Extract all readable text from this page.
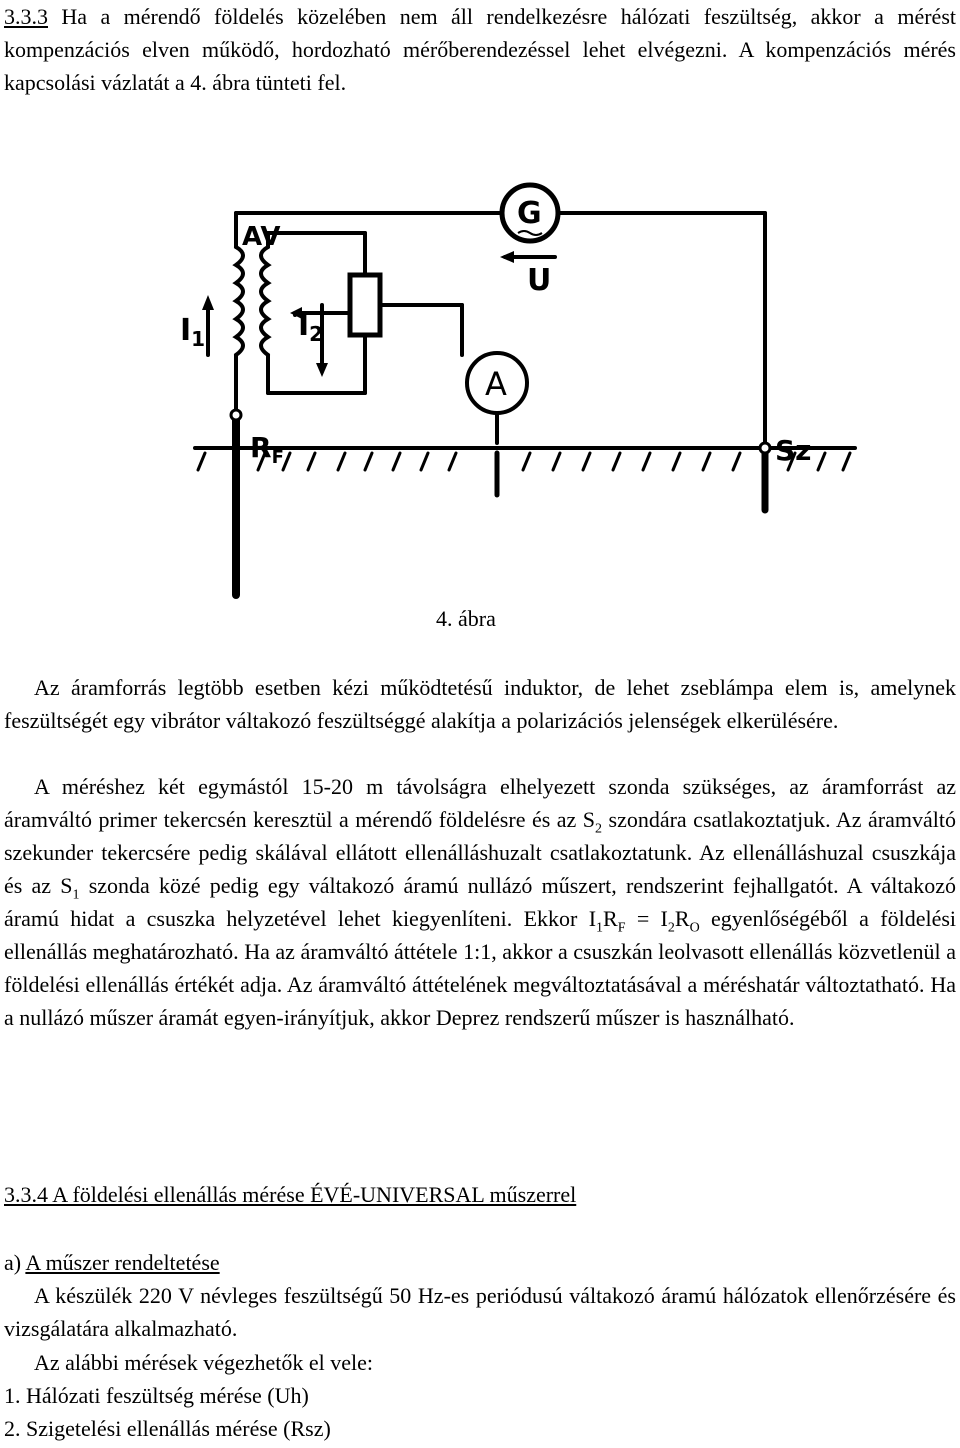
3.3.3 Ha a mérendő földelés közelében nem áll rendelkezésre hálózati feszültség, akkor a mérést kompenzációs elven működő, hordozható mérőberendezéssel lehet elvégezni. A kompenzációs mérés kapcsolási vázlatát a 4. ábra tünteti fel.
AV
$I_1$	$I_2$
G
U
A
$R_F$	Sz
4. ábra
Az áramforrás legtöbb esetben kézi működtetésű induktor, de lehet zseblámpa elem is, amelynek feszültségét egy vibrátor váltakozó feszültséggé alakítja a polarizációs jelenségek elkerülésére.
A méréshez két egymástól 15-20 m távolságra elhelyezett szonda szükséges, az áramforrást az áramváltó primer tekercsén keresztül a mérendő földelésre és az $S_2$ szondára csatlakoztatjuk. Az áramváltó szekunder tekercsére pedig skálával ellátott ellenálláshuzalt csatlakoztatunk. Az ellenálláshuzal csuszkája és az $S_1$ szonda közé pedig egy váltakozó áramú nullázó műszert, rendszerint fejhallgatót. A váltakozó áramú hidat a csuszka helyzetével lehet kiegyenlíteni. Ekkor $I_1R_F = I_2R_O$ egyenlőségéből a földelési ellenállás meghatározható. Ha az áramváltó áttétele 1:1, akkor a csuszkán leolvasott ellenállás közvetlenül a földelési ellenállás értékét adja. Az áramváltó áttételének megváltoztatásával a méréshatár változtatható. Ha a nullázó műszer áramát egyen-irányítjuk, akkor Deprez rendszerű műszer is használható.
3.3.4 A földelési ellenállás mérése ÉVÉ-UNIVERSAL műszerrel
a) A műszer rendeltetése
A készülék 220 V névleges feszültségű 50 Hz-es periódusú váltakozó áramú hálózatok ellenőrzésére és vizsgálatára alkalmazható.
Az alábbi mérések végezhetők el vele:
1. Hálózati feszültség mérése (Uh)
2. Szigetelési ellenállás mérése (Rsz)
